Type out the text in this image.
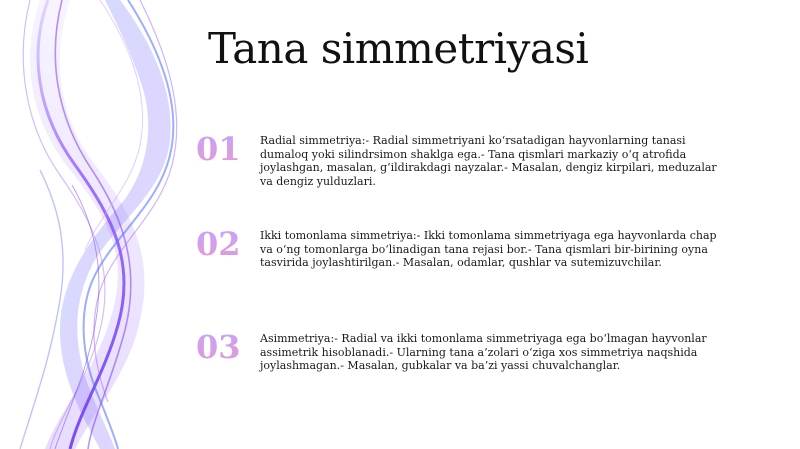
Tana simmetriyasi
01	Radial simmetriya:- Radial simmetriyani ko‘rsatadigan hayvonlarning tanasi dumaloq yoki silindrsimon shaklga ega.- Tana qismlari markaziy o‘q atrofida joylashgan, masalan, g‘ildirakdagi nayzalar.- Masalan, dengiz kirpilari, meduzalar va dengiz yulduzlari.

02	Ikki tomonlama simmetriya:- Ikki tomonlama simmetriyaga ega hayvonlarda chap va o‘ng tomonlarga bo‘linadigan tana rejasi bor.- Tana qismlari bir-birining oyna tasvirida joylashtirilgan.- Masalan, odamlar, qushlar va sutemizuvchilar.

03	Asimmetriya:- Radial va ikki tomonlama simmetriyaga ega bo‘lmagan hayvonlar assimetrik hisoblanadi.- Ularning tana a’zolari o‘ziga xos simmetriya naqshida joylashmagan.- Masalan, gubkalar va ba’zi yassi chuvalchanglar.
